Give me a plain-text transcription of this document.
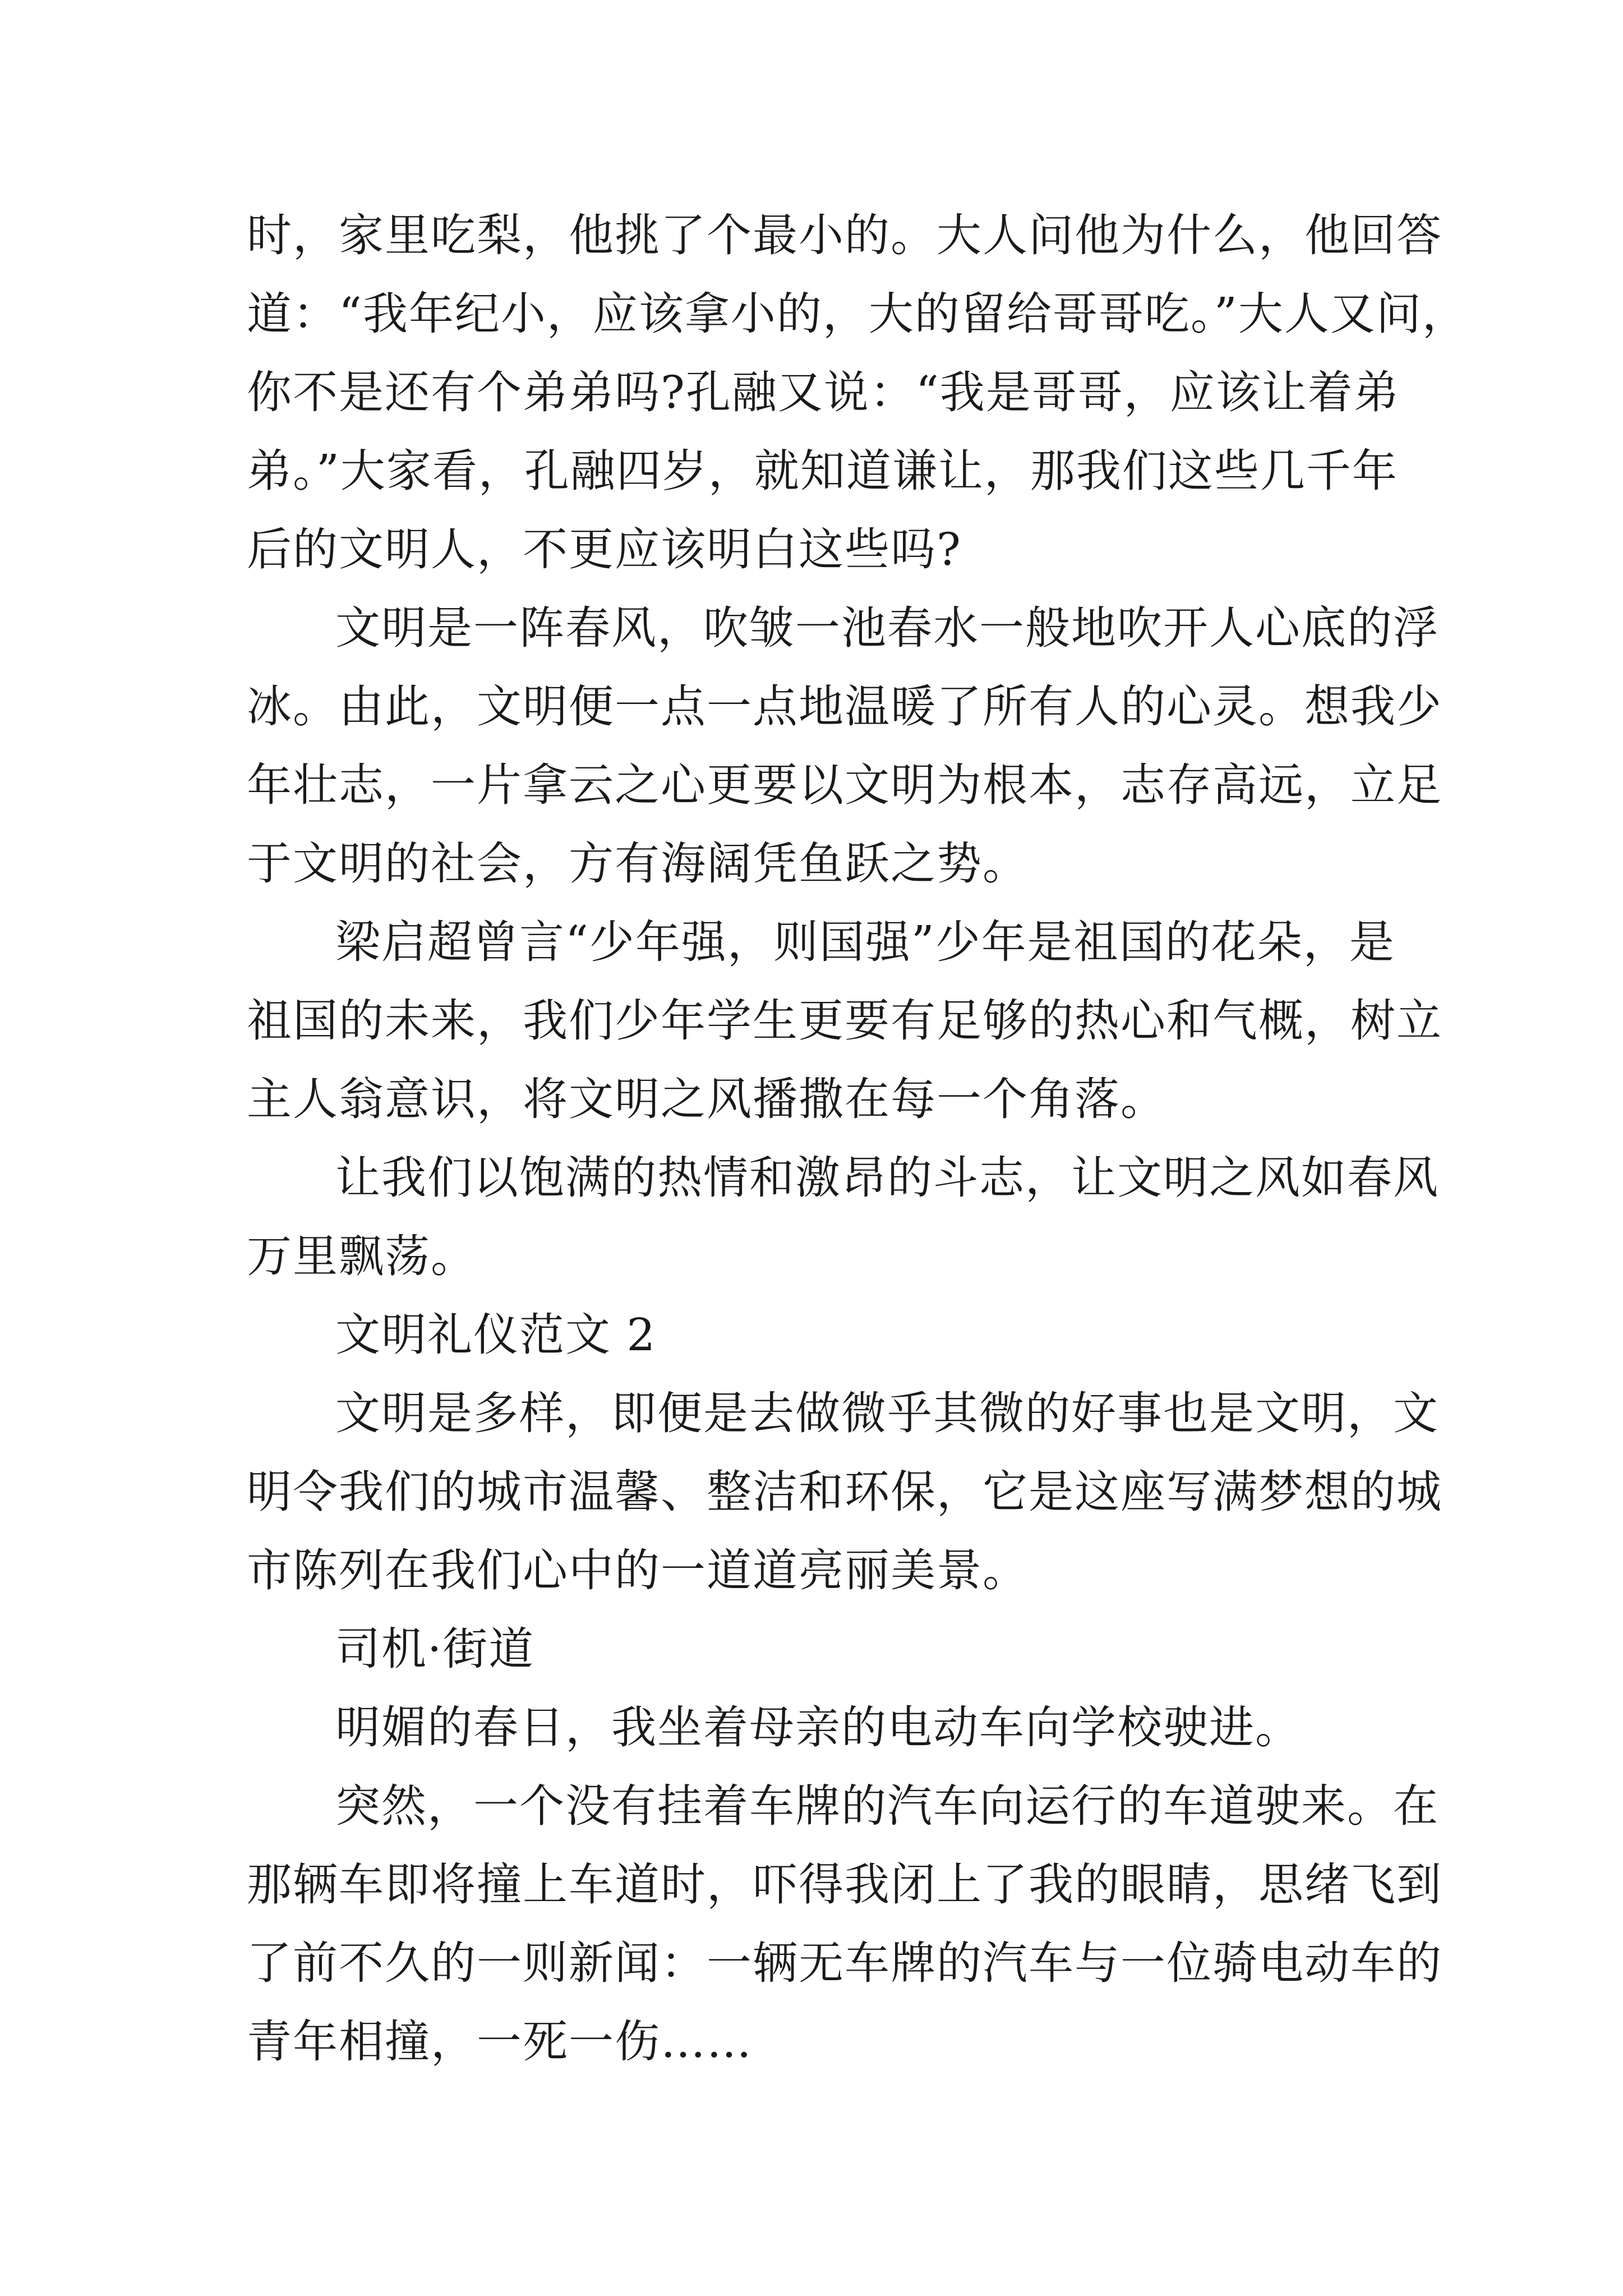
时，家里吃梨，他挑了个最小的。大人问他为什么，他回答
道：“我年纪小，应该拿小的，大的留给哥哥吃。”大人又问，
你不是还有个弟弟吗?孔融又说：“我是哥哥，应该让着弟
弟。”大家看，孔融四岁，就知道谦让，那我们这些几千年
后的文明人，不更应该明白这些吗?
文明是一阵春风，吹皱一池春水一般地吹开人心底的浮
冰。由此，文明便一点一点地温暖了所有人的心灵。想我少
年壮志，一片拿云之心更要以文明为根本，志存高远，立足
于文明的社会，方有海阔凭鱼跃之势。
梁启超曾言“少年强，则国强”少年是祖国的花朵，是
祖国的未来，我们少年学生更要有足够的热心和气概，树立
主人翁意识，将文明之风播撒在每一个角落。
让我们以饱满的热情和激昂的斗志，让文明之风如春风
万里飘荡。
文明礼仪范文 2
文明是多样，即便是去做微乎其微的好事也是文明，文
明令我们的城市温馨、整洁和环保，它是这座写满梦想的城
市陈列在我们心中的一道道亮丽美景。
司机·街道
明媚的春日，我坐着母亲的电动车向学校驶进。
突然，一个没有挂着车牌的汽车向运行的车道驶来。在
那辆车即将撞上车道时，吓得我闭上了我的眼睛，思绪飞到
了前不久的一则新闻：一辆无车牌的汽车与一位骑电动车的
青年相撞，一死一伤……
